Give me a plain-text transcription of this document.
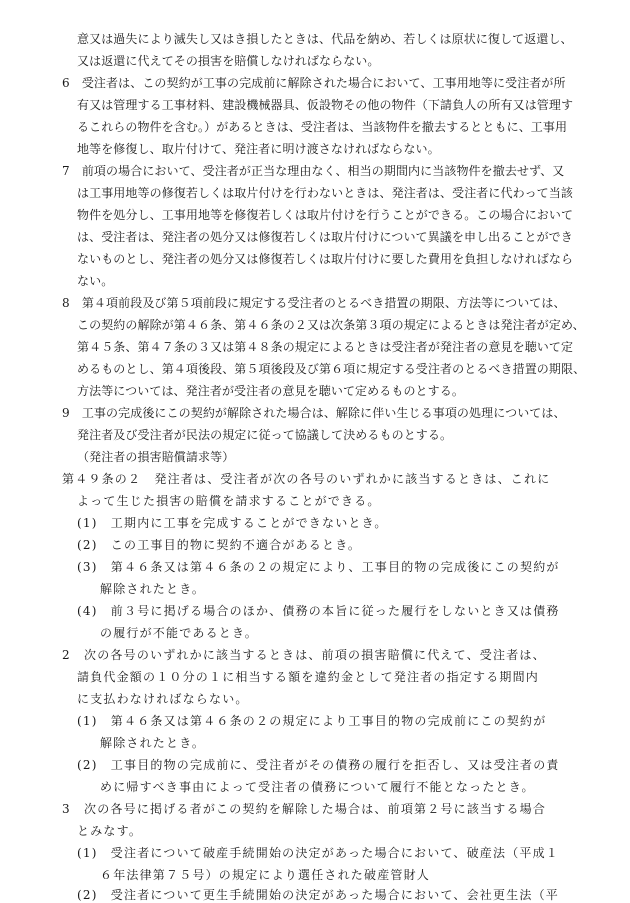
意又は過失により滅失し又はき損したときは、代品を納め、若しくは原状に復して返還し、
又は返還に代えてその損害を賠償しなければならない。
6　受注者は、この契約が工事の完成前に解除された場合において、工事用地等に受注者が所
有又は管理する工事材料、建設機械器具、仮設物その他の物件（下請負人の所有又は管理す
るこれらの物件を含む。）があるときは、受注者は、当該物件を撤去するとともに、工事用
地等を修復し、取片付けて、発注者に明け渡さなければならない。
7　前項の場合において、受注者が正当な理由なく、相当の期間内に当該物件を撤去せず、又
は工事用地等の修復若しくは取片付けを行わないときは、発注者は、受注者に代わって当該
物件を処分し、工事用地等を修復若しくは取片付けを行うことができる。この場合において
は、受注者は、発注者の処分又は修復若しくは取片付けについて異議を申し出ることができ
ないものとし、発注者の処分又は修復若しくは取片付けに要した費用を負担しなければなら
ない。
8　第４項前段及び第５項前段に規定する受注者のとるべき措置の期限、方法等については、
この契約の解除が第４６条、第４６条の２又は次条第３項の規定によるときは発注者が定め、
第４５条、第４７条の３又は第４８条の規定によるときは受注者が発注者の意見を聴いて定
めるものとし、第４項後段、第５項後段及び第６項に規定する受注者のとるべき措置の期限、
方法等については、発注者が受注者の意見を聴いて定めるものとする。
9　工事の完成後にこの契約が解除された場合は、解除に伴い生じる事項の処理については、
発注者及び受注者が民法の規定に従って協議して決めるものとする。
（発注者の損害賠償請求等）
第４９条の２　発注者は、受注者が次の各号のいずれかに該当するときは、これに
よって生じた損害の賠償を請求することができる。
(1)　工期内に工事を完成することができないとき。
(2)　この工事目的物に契約不適合があるとき。
(3)　第４６条又は第４６条の２の規定により、工事目的物の完成後にこの契約が
解除されたとき。
(4)　前３号に掲げる場合のほか、債務の本旨に従った履行をしないとき又は債務
の履行が不能であるとき。
2　次の各号のいずれかに該当するときは、前項の損害賠償に代えて、受注者は、
請負代金額の１０分の１に相当する額を違約金として発注者の指定する期間内
に支払わなければならない。
(1)　第４６条又は第４６条の２の規定により工事目的物の完成前にこの契約が
解除されたとき。
(2)　工事目的物の完成前に、受注者がその債務の履行を拒否し、又は受注者の責
めに帰すべき事由によって受注者の債務について履行不能となったとき。
3　次の各号に掲げる者がこの契約を解除した場合は、前項第２号に該当する場合
とみなす。
(1)　受注者について破産手続開始の決定があった場合において、破産法（平成１
６年法律第７５号）の規定により選任された破産管財人
(2)　受注者について更生手続開始の決定があった場合において、会社更生法（平
